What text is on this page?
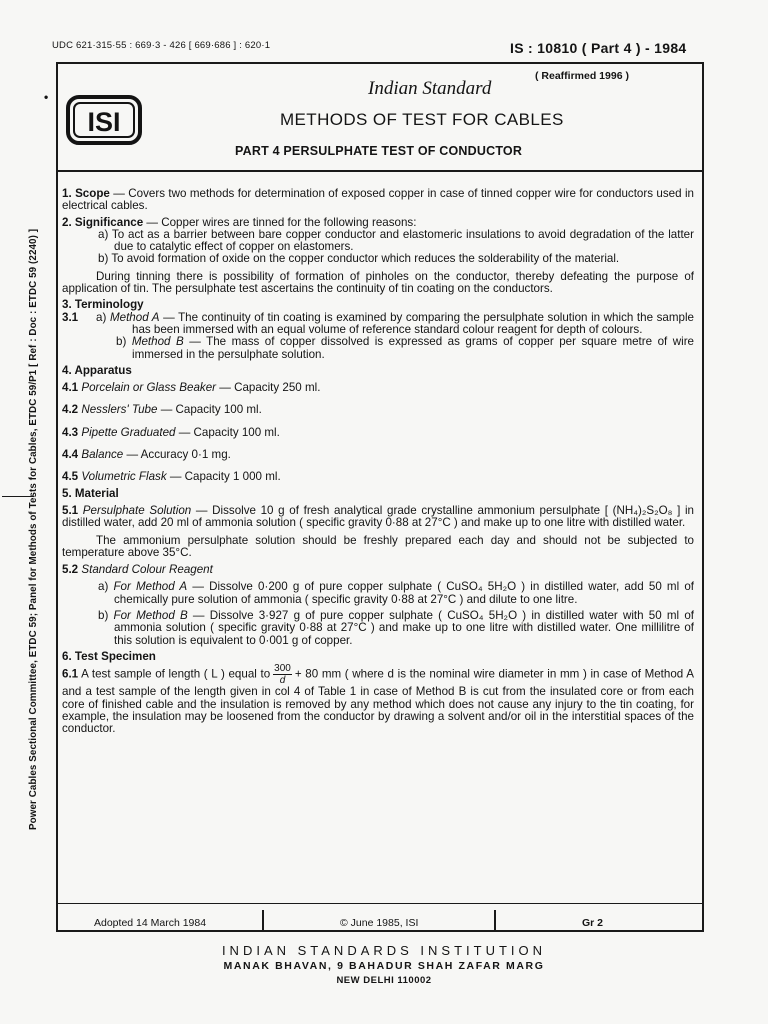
UDC 621·315·55 : 669·3 - 426 [ 669·686 ] : 620·1	IS : 10810 ( Part 4 ) - 1984
•
ISI
Indian Standard
( Reaffirmed 1996 )
METHODS OF TEST FOR CABLES
PART 4 PERSULPHATE TEST OF CONDUCTOR
Power Cables Sectional Committee, ETDC 59; Panel for Methods of Tests for Cables, ETDC 59/P1 [ Ref : Doc : ETDC 59 (2240) ]

1. Scope — Covers two methods for determination of exposed copper in case of tinned copper wire for conductors used in electrical cables.

2. Significance — Copper wires are tinned for the following reasons:

a) To act as a barrier between bare copper conductor and elastomeric insulations to avoid degradation of the latter due to catalytic effect of copper on elastomers.

b) To avoid formation of oxide on the copper conductor which reduces the solderability of the material.

During tinning there is possibility of formation of pinholes on the conductor, thereby defeating the purpose of application of tin. The persulphate test ascertains the continuity of tin coating on the conductors.

3. Terminology

3.1     a) Method A — The continuity of tin coating is examined by comparing the persulphate solution in which the sample has been immersed with an equal volume of reference standard colour reagent for depth of colours.

b) Method B — The mass of copper dissolved is expressed as grams of copper per square metre of wire immersed in the persulphate solution.

4. Apparatus

4.1 Porcelain or Glass Beaker — Capacity 250 ml.

4.2 Nesslers' Tube — Capacity 100 ml.

4.3 Pipette Graduated — Capacity 100 ml.

4.4 Balance — Accuracy 0·1 mg.

4.5 Volumetric Flask — Capacity 1 000 ml.

5. Material

5.1 Persulphate Solution — Dissolve 10 g of fresh analytical grade crystalline ammonium persulphate [ (NH₄)₂S₂O₈ ] in distilled water, add 20 ml of ammonia solution ( specific gravity 0·88 at 27°C ) and make up to one litre with distilled water.

The ammonium persulphate solution should be freshly prepared each day and should not be subjected to temperature above 35°C.

5.2 Standard Colour Reagent

a) For Method A — Dissolve 0·200 g of pure copper sulphate ( CuSO₄ 5H₂O ) in distilled water, add 50 ml of chemically pure solution of ammonia ( specific gravity 0·88 at 27°C ) and dilute to one litre.

b) For Method B — Dissolve 3·927 g of pure copper sulphate ( CuSO₄ 5H₂O ) in distilled water with 50 ml of ammonia solution ( specific gravity 0·88 at 27°C ) and make up to one litre with distilled water. One millilitre of this solution is equivalent to 0·001 g of copper.

6. Test Specimen

6.1 A test sample of length ( L ) equal to $\frac{300}{d} + 80$ mm ( where d is the nominal wire diameter in mm ) in case of Method A and a test sample of the length given in col 4 of Table 1 in case of Method B is cut from the insulated core or from each core of finished cable and the insulation is removed by any method which does not cause any injury to the tin coating, for example, the insulation may be loosened from the conductor by drawing a solvent and/or oil in the interstitial spaces of the conductor.

Adopted 14 March 1984	© June 1985, ISI	Gr 2
INDIAN STANDARDS INSTITUTION
MANAK BHAVAN, 9 BAHADUR SHAH ZAFAR MARG
NEW DELHI 110002
